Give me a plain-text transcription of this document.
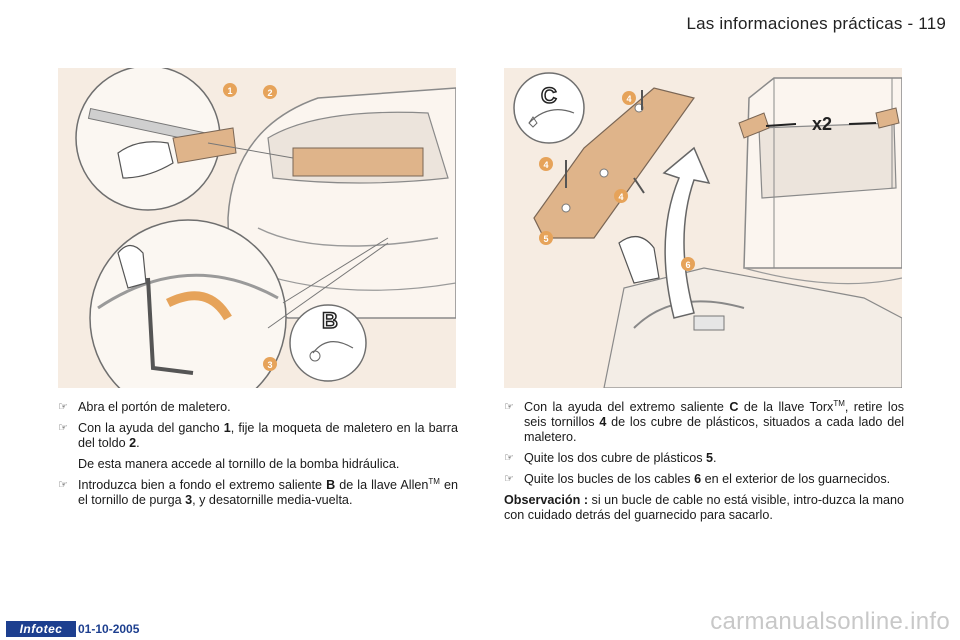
Las informaciones prácticas - 119
1	2
3
B
x2
C	4
4
4
5
6
☞ Abra el portón de maletero.
☞ Con la ayuda del gancho 1, fije la moqueta de maletero en la barra del toldo 2.
De esta manera accede al tornillo de la bomba hidráulica.
☞ Introduzca bien a fondo el extremo saliente B de la llave Allen™ en el tornillo de purga 3, y desatornille media-vuelta.
☞ Con la ayuda del extremo saliente C de la llave Torx™, retire los seis tornillos 4 de los cubre de plásticos, situados a cada lado del maletero.
☞ Quite los dos cubre de plásticos 5.
☞ Quite los bucles de los cables 6 en el exterior de los guarnecidos.
Observación : si un bucle de cable no está visible, intro-duzca la mano con cuidado detrás del guarnecido para sacarlo.
Infotec	01-10-2005	carmanualsonline.info
